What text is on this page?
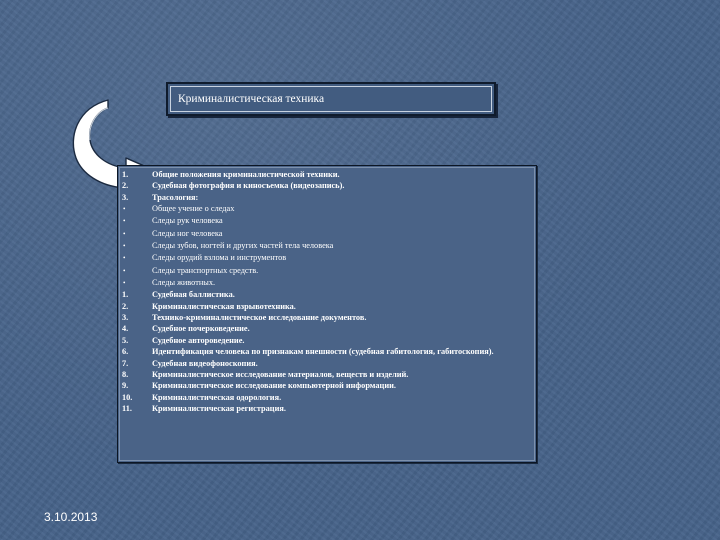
Криминалистическая техника
1.	Общие положения криминалистической техники.
2.	Судебная фотография и киносъемка (видеозапись).
3.	Трасология:
•	Общее учение о следах
•	Следы рук человека
•	Следы ног человека
•	Следы зубов, ногтей и других частей тела человека
•	Следы орудий взлома и инструментов
•	Следы транспортных средств.
•	Следы животных.
1.	Судебная баллистика.
2.	Криминалистическая взрывотехника.
3.	Технико-криминалистическое исследование документов.
4.	Судебное почерковедение.
5.	Судебное автороведение.
6.	Идентификация человека по признакам внешности (судебная габитология, габитоскопия).
7.	Судебная видеофоноскопия.
8.	Криминалистическое исследование материалов, веществ и изделий.
9.	Криминалистическое исследование компьютерной информации.
10. Криминалистическая одорология.
11. Криминалистическая регистрация.
3.10.2013
